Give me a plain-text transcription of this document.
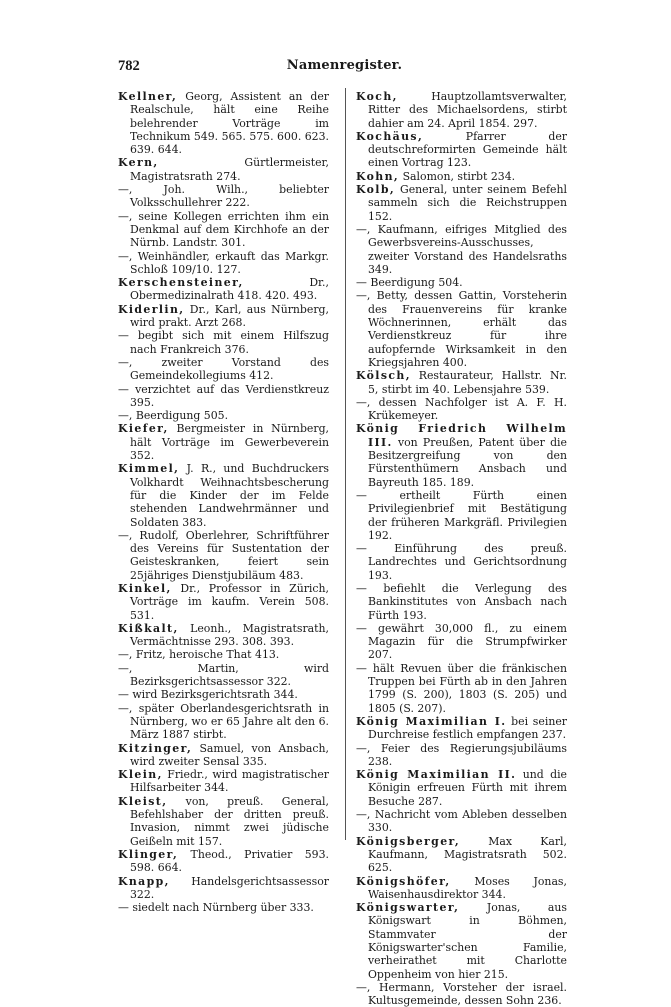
782	Namenregister.

Kellner, Georg, Assistent an der Realschule, hält eine Reihe belehrender Vorträge im Technikum 549. 565. 575. 600. 623. 639. 644.

Kern, Gürtlermeister, Magistratsrath 274.

—, Joh. Wilh., beliebter Volksschullehrer 222.

—, seine Kollegen errichten ihm ein Denkmal auf dem Kirchhofe an der Nürnb. Landstr. 301.

—, Weinhändler, erkauft das Markgr. Schloß 109/10. 127.

Kerschensteiner, Dr., Obermedizinalrath 418. 420. 493.

Kiderlin, Dr., Karl, aus Nürnberg, wird prakt. Arzt 268.

— begibt sich mit einem Hilfszug nach Frankreich 376.

—, zweiter Vorstand des Gemeindekollegiums 412.

— verzichtet auf das Verdienstkreuz 395.

—, Beerdigung 505.

Kiefer, Bergmeister in Nürnberg, hält Vorträge im Gewerbeverein 352.

Kimmel, J. R., und Buchdruckers Volkhardt Weihnachtsbescherung für die Kinder der im Felde stehenden Landwehrmänner und Soldaten 383.

—, Rudolf, Oberlehrer, Schriftführer des Vereins für Sustentation der Geisteskranken, feiert sein 25jähriges Dienstjubiläum 483.

Kinkel, Dr., Professor in Zürich, Vorträge im kaufm. Verein 508. 531.

Kißkalt, Leonh., Magistratsrath, Vermächtnisse 293. 308. 393.

—, Fritz, heroische That 413.

—, Martin, wird Bezirksgerichtsassessor 322.

— wird Bezirksgerichtsrath 344.

—, später Oberlandesgerichtsrath in Nürnberg, wo er 65 Jahre alt den 6. März 1887 stirbt.

Kitzinger, Samuel, von Ansbach, wird zweiter Sensal 335.

Klein, Friedr., wird magistratischer Hilfsarbeiter 344.

Kleist, von, preuß. General, Befehlshaber der dritten preuß. Invasion, nimmt zwei jüdische Geißeln mit 157.

Klinger, Theod., Privatier 593. 598. 664.

Knapp, Handelsgerichtsassessor 322.

— siedelt nach Nürnberg über 333.

Koch, Hauptzollamtsverwalter, Ritter des Michaelsordens, stirbt dahier am 24. April 1854. 297.

Kochäus, Pfarrer der deutschreformirten Gemeinde hält einen Vortrag 123.

Kohn, Salomon, stirbt 234.

Kolb, General, unter seinem Befehl sammeln sich die Reichstruppen 152.

—, Kaufmann, eifriges Mitglied des Gewerbsvereins-Ausschusses, zweiter Vorstand des Handelsraths 349.

— Beerdigung 504.

—, Betty, dessen Gattin, Vorsteherin des Frauenvereins für kranke Wöchnerinnen, erhält das Verdienstkreuz für ihre aufopfernde Wirksamkeit in den Kriegsjahren 400.

Kölsch, Restaurateur, Hallstr. Nr. 5, stirbt im 40. Lebensjahre 539.

—, dessen Nachfolger ist A. F. H. Krükemeyer.

König Friedrich Wilhelm III. von Preußen, Patent über die Besitzergreifung von den Fürstenthümern Ansbach und Bayreuth 185. 189.

— ertheilt Fürth einen Privilegienbrief mit Bestätigung der früheren Markgräfl. Privilegien 192.

— Einführung des preuß. Landrechtes und Gerichtsordnung 193.

— befiehlt die Verlegung des Bankinstitutes von Ansbach nach Fürth 193.

— gewährt 30,000 fl., zu einem Magazin für die Strumpfwirker 207.

— hält Revuen über die fränkischen Truppen bei Fürth ab in den Jahren 1799 (S. 200), 1803 (S. 205) und 1805 (S. 207).

König Maximilian I. bei seiner Durchreise festlich empfangen 237.

—, Feier des Regierungsjubiläums 238.

König Maximilian II. und die Königin erfreuen Fürth mit ihrem Besuche 287.

—, Nachricht vom Ableben desselben 330.

Königsberger, Max Karl, Kaufmann, Magistratsrath 502. 625.

Königshöfer, Moses Jonas, Waisenhausdirektor 344.

Königswarter, Jonas, aus Königswart in Böhmen, Stammvater der Königswarter'schen Familie, verheirathet mit Charlotte Oppenheim von hier 215.

—, Hermann, Vorsteher der israel. Kultusgemeinde, dessen Sohn 236.
